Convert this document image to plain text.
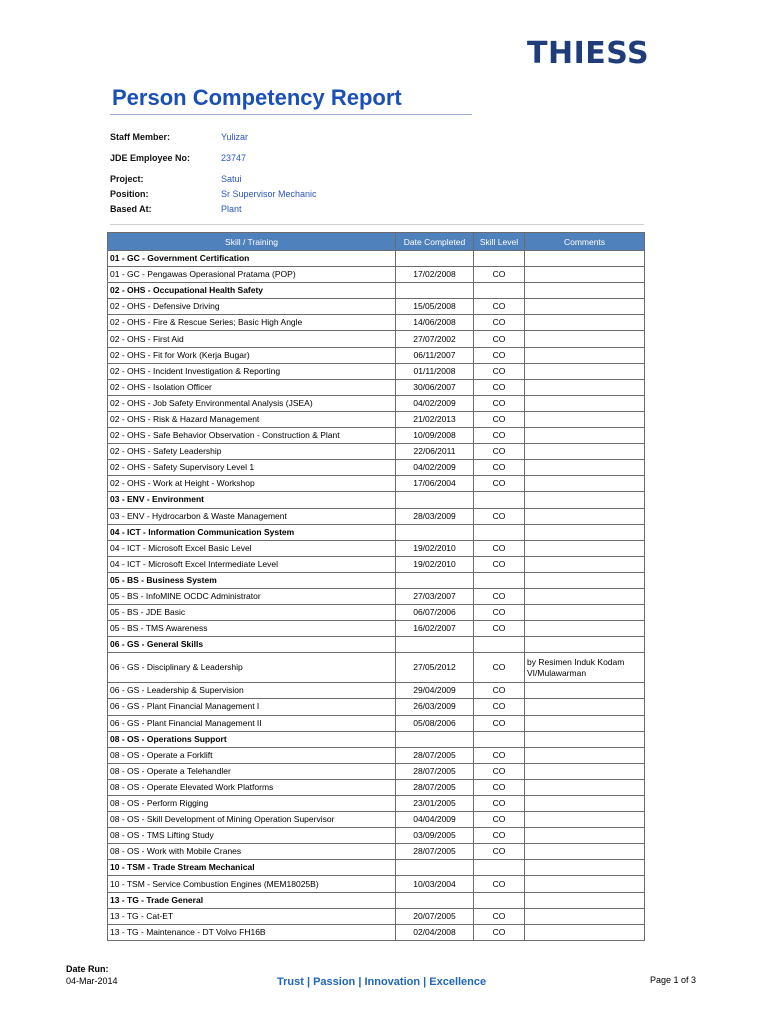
THIESS
Person Competency Report
Staff Member:	Yulizar
JDE Employee No:	23747
Project:	Satui
Position:	Sr Supervisor Mechanic
Based At:	Plant
Skill / Training	Date Completed	Skill Level	Comments
01 - GC - Government Certification			
01 - GC - Pengawas Operasional Pratama (POP)	17/02/2008	CO	
02 - OHS - Occupational Health Safety			
02 - OHS - Defensive Driving	15/05/2008	CO	
02 - OHS - Fire & Rescue Series; Basic High Angle	14/06/2008	CO	
02 - OHS - First Aid	27/07/2002	CO	
02 - OHS - Fit for Work (Kerja Bugar)	06/11/2007	CO	
02 - OHS - Incident Investigation & Reporting	01/11/2008	CO	
02 - OHS - Isolation Officer	30/06/2007	CO	
02 - OHS - Job Safety Environmental Analysis (JSEA)	04/02/2009	CO	
02 - OHS - Risk & Hazard Management	21/02/2013	CO	
02 - OHS - Safe Behavior Observation - Construction & Plant	10/09/2008	CO	
02 - OHS - Safety Leadership	22/06/2011	CO	
02 - OHS - Safety Supervisory Level 1	04/02/2009	CO	
02 - OHS - Work at Height - Workshop	17/06/2004	CO	
03 - ENV - Environment			
03 - ENV - Hydrocarbon & Waste Management	28/03/2009	CO	
04 - ICT - Information Communication System			
04 - ICT - Microsoft Excel Basic Level	19/02/2010	CO	
04 - ICT - Microsoft Excel Intermediate Level	19/02/2010	CO	
05 - BS - Business System			
05 - BS - InfoMINE OCDC Administrator	27/03/2007	CO	
05 - BS - JDE Basic	06/07/2006	CO	
05 - BS - TMS Awareness	16/02/2007	CO	
06 - GS - General Skills			
06 - GS - Disciplinary & Leadership	27/05/2012	CO	by Resimen Induk Kodam VI/Mulawarman
06 - GS - Leadership & Supervision	29/04/2009	CO	
06 - GS - Plant Financial Management I	26/03/2009	CO	
06 - GS - Plant Financial Management II	05/08/2006	CO	
08 - OS - Operations Support			
08 - OS - Operate a Forklift	28/07/2005	CO	
08 - OS - Operate a Telehandler	28/07/2005	CO	
08 - OS - Operate Elevated Work Platforms	28/07/2005	CO	
08 - OS - Perform Rigging	23/01/2005	CO	
08 - OS - Skill Development of Mining Operation Supervisor	04/04/2009	CO	
08 - OS - TMS Lifting Study	03/09/2005	CO	
08 - OS - Work with Mobile Cranes	28/07/2005	CO	
10 - TSM - Trade Stream Mechanical			
10 - TSM - Service Combustion Engines (MEM18025B)	10/03/2004	CO	
13 - TG - Trade General			
13 - TG - Cat-ET	20/07/2005	CO	
13 - TG - Maintenance - DT Volvo FH16B	02/04/2008	CO	
Date Run:
04-Mar-2014	Trust | Passion | Innovation | Excellence	Page 1 of 3
